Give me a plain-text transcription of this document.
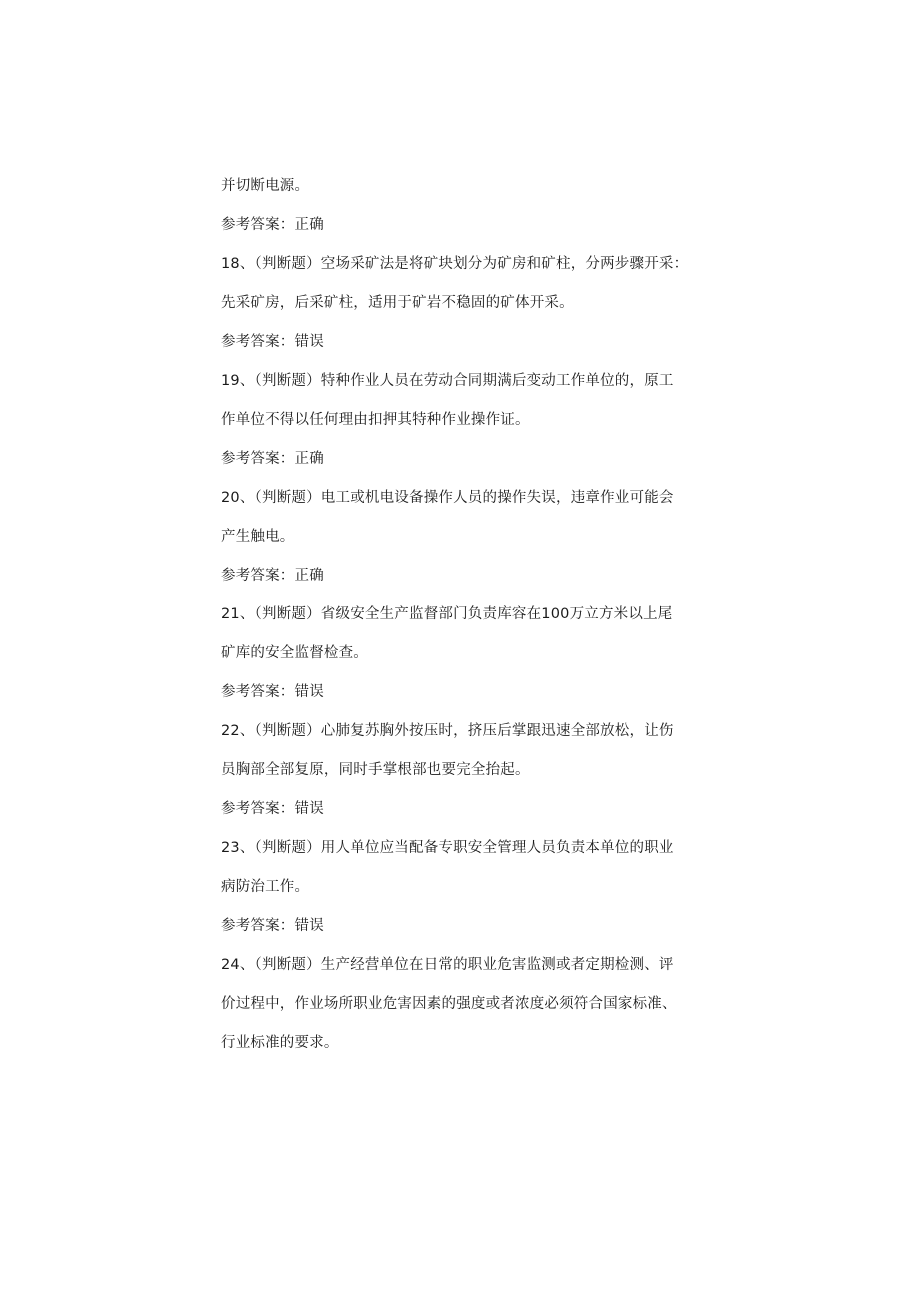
并切断电源。
参考答案：正确
18、（判断题）空场采矿法是将矿块划分为矿房和矿柱，分两步骤开采：
先采矿房，后采矿柱，适用于矿岩不稳固的矿体开采。
参考答案：错误
19、（判断题）特种作业人员在劳动合同期满后变动工作单位的，原工
作单位不得以任何理由扣押其特种作业操作证。
参考答案：正确
20、（判断题）电工或机电设备操作人员的操作失误，违章作业可能会
产生触电。
参考答案：正确
21、（判断题）省级安全生产监督部门负责库容在100万立方米以上尾
矿库的安全监督检查。
参考答案：错误
22、（判断题）心肺复苏胸外按压时，挤压后掌跟迅速全部放松，让伤
员胸部全部复原，同时手掌根部也要完全抬起。
参考答案：错误
23、（判断题）用人单位应当配备专职安全管理人员负责本单位的职业
病防治工作。
参考答案：错误
24、（判断题）生产经营单位在日常的职业危害监测或者定期检测、评
价过程中，作业场所职业危害因素的强度或者浓度必须符合国家标准、
行业标准的要求。
